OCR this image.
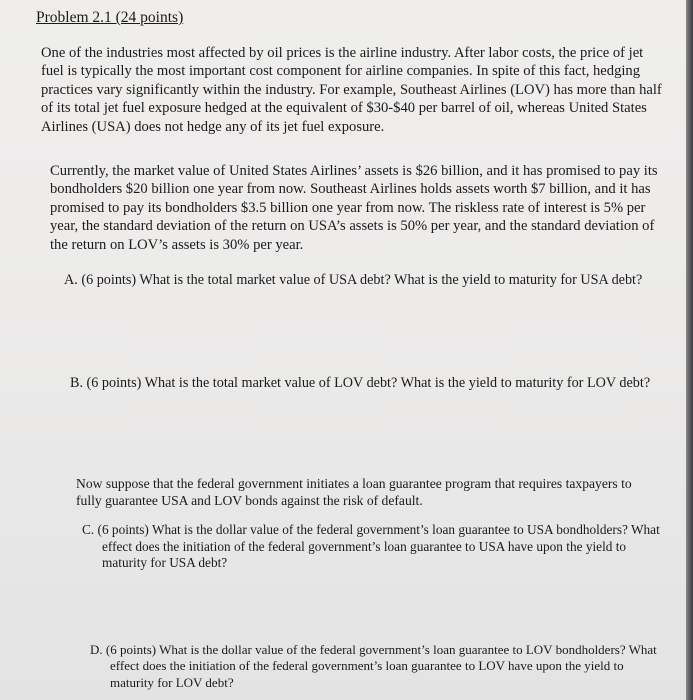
Problem 2.1 (24 points)

One of the industries most affected by oil prices is the airline industry. After labor costs, the price of jet fuel is typically the most important cost component for airline companies. In spite of this fact, hedging practices vary significantly within the industry. For example, Southeast Airlines (LOV) has more than half of its total jet fuel exposure hedged at the equivalent of $30-$40 per barrel of oil, whereas United States Airlines (USA) does not hedge any of its jet fuel exposure.

Currently, the market value of United States Airlines’ assets is $26 billion, and it has promised to pay its bondholders $20 billion one year from now. Southeast Airlines holds assets worth $7 billion, and it has promised to pay its bondholders $3.5 billion one year from now. The riskless rate of interest is 5% per year, the standard deviation of the return on USA’s assets is 50% per year, and the standard deviation of the return on LOV’s assets is 30% per year.

A. (6 points) What is the total market value of USA debt? What is the yield to maturity for USA debt?

B. (6 points) What is the total market value of LOV debt? What is the yield to maturity for LOV debt?

Now suppose that the federal government initiates a loan guarantee program that requires taxpayers to fully guarantee USA and LOV bonds against the risk of default.

C. (6 points) What is the dollar value of the federal government’s loan guarantee to USA bondholders? What effect does the initiation of the federal government’s loan guarantee to USA have upon the yield to maturity for USA debt?

D. (6 points) What is the dollar value of the federal government’s loan guarantee to LOV bondholders? What effect does the initiation of the federal government’s loan guarantee to LOV have upon the yield to maturity for LOV debt?
